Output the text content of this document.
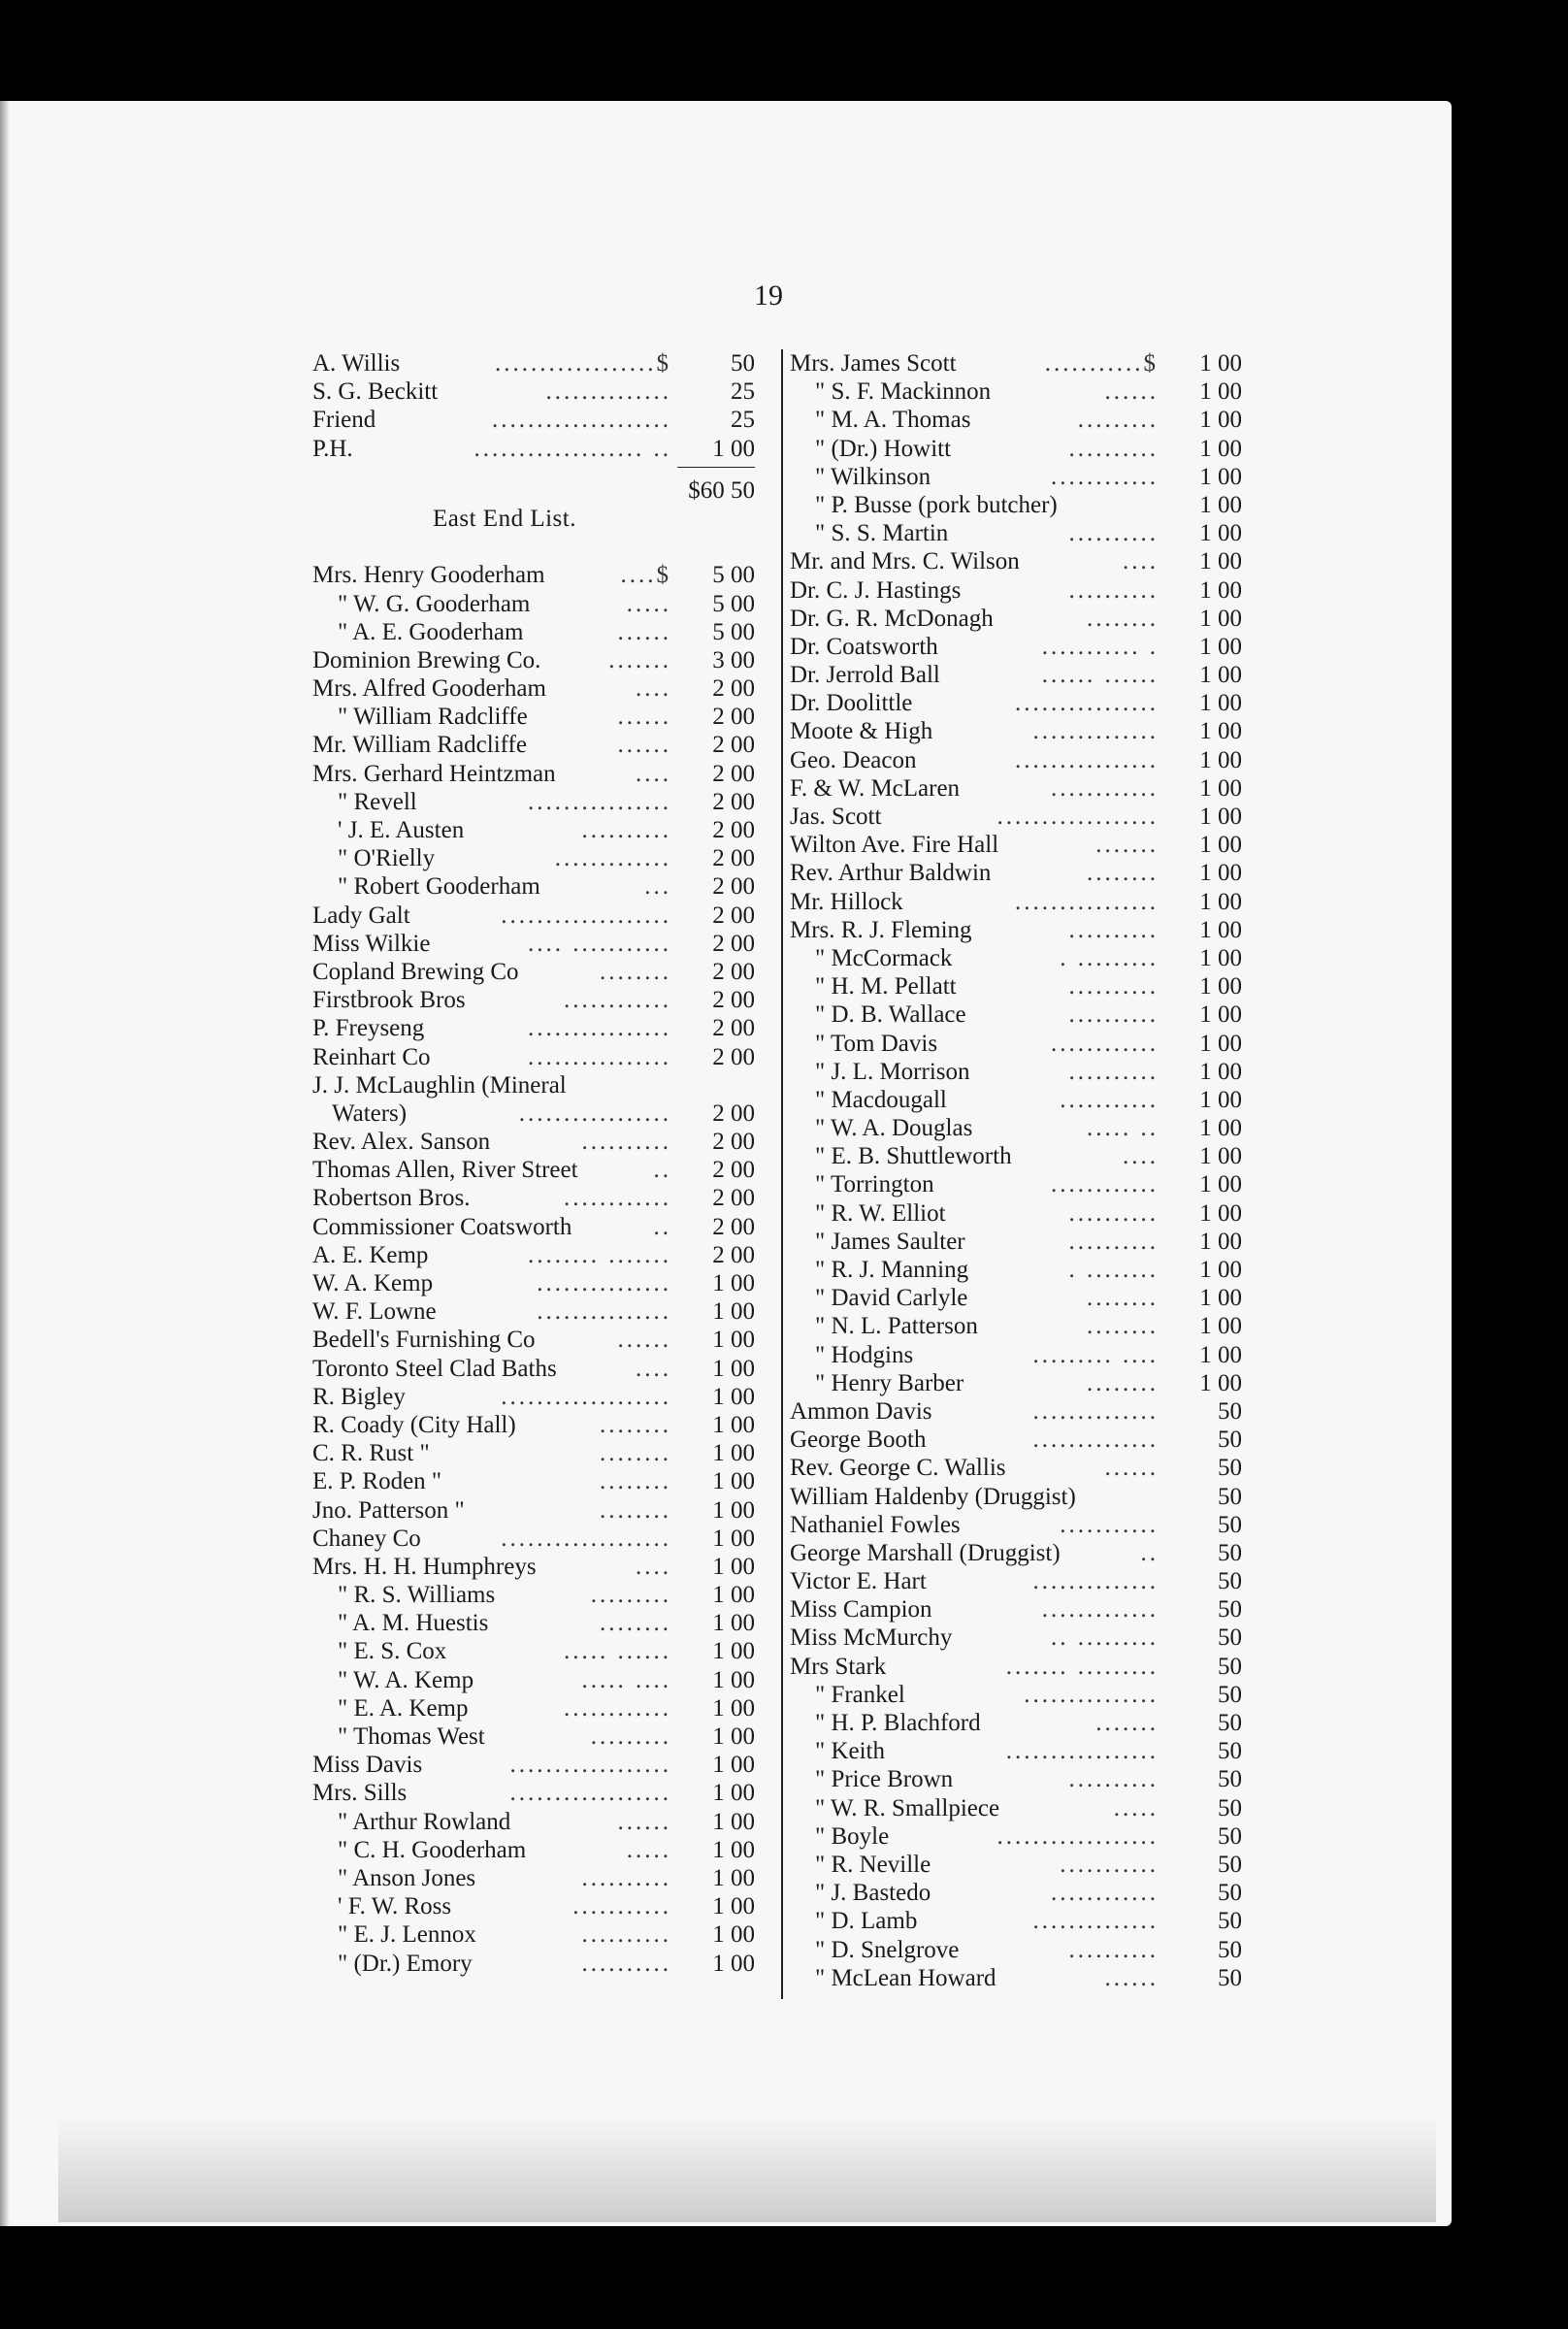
19
..................$
A. Willis	50
..............
S. G. Beckitt	25
....................
Friend	25
................... ..
P.H.	1 00
$60 50
East End List.
....$
Mrs. Henry Gooderham	5 00
.....
" W. G. Gooderham	5 00
......
" A. E. Gooderham	5 00
.......
Dominion Brewing Co.	3 00
....
Mrs. Alfred Gooderham	2 00
......
" William Radcliffe	2 00
......
Mr. William Radcliffe	2 00
....
Mrs. Gerhard Heintzman	2 00
................
" Revell	2 00
..........
' J. E. Austen	2 00
.............
" O'Rielly	2 00
...
" Robert Gooderham	2 00
...................
Lady Galt	2 00
.... ...........
Miss Wilkie	2 00
........
Copland Brewing Co	2 00
............
Firstbrook Bros	2 00
................
P. Freyseng	2 00
................
Reinhart Co	2 00
J. J. McLaughlin (Mineral
.................
Waters)	2 00
..........
Rev. Alex. Sanson	2 00
..
Thomas Allen, River Street	2 00
............
Robertson Bros.	2 00
..
Commissioner Coatsworth	2 00
........ .......
A. E. Kemp	2 00
...............
W. A. Kemp	1 00
...............
W. F. Lowne	1 00
......
Bedell's Furnishing Co	1 00
....
Toronto Steel Clad Baths	1 00
...................
R. Bigley	1 00
........
R. Coady (City Hall)	1 00
........
C. R. Rust "	1 00
........
E. P. Roden "	1 00
........
Jno. Patterson "	1 00
...................
Chaney Co	1 00
....
Mrs. H. H. Humphreys	1 00
.........
" R. S. Williams	1 00
........
" A. M. Huestis	1 00
..... ......
" E. S. Cox	1 00
..... ....
" W. A. Kemp	1 00
............
" E. A. Kemp	1 00
.........
" Thomas West	1 00
..................
Miss Davis	1 00
..................
Mrs. Sills	1 00
......
" Arthur Rowland	1 00
.....
" C. H. Gooderham	1 00
..........
" Anson Jones	1 00
...........
' F. W. Ross	1 00
..........
" E. J. Lennox	1 00
..........
" (Dr.) Emory	1 00
...........$
Mrs. James Scott	1 00
......
" S. F. Mackinnon	1 00
.........
" M. A. Thomas	1 00
..........
" (Dr.) Howitt	1 00
............
" Wilkinson	1 00
" P. Busse (pork butcher)	1 00
..........
" S. S. Martin	1 00
....
Mr. and Mrs. C. Wilson	1 00
..........
Dr. C. J. Hastings	1 00
........
Dr. G. R. McDonagh	1 00
........... .
Dr. Coatsworth	1 00
...... ......
Dr. Jerrold Ball	1 00
................
Dr. Doolittle	1 00
..............
Moote & High	1 00
................
Geo. Deacon	1 00
............
F. & W. McLaren	1 00
..................
Jas. Scott	1 00
.......
Wilton Ave. Fire Hall	1 00
........
Rev. Arthur Baldwin	1 00
................
Mr. Hillock	1 00
..........
Mrs. R. J. Fleming	1 00
. .........
" McCormack	1 00
..........
" H. M. Pellatt	1 00
..........
" D. B. Wallace	1 00
............
" Tom Davis	1 00
..........
" J. L. Morrison	1 00
...........
" Macdougall	1 00
..... ..
" W. A. Douglas	1 00
....
" E. B. Shuttleworth	1 00
............
" Torrington	1 00
..........
" R. W. Elliot	1 00
..........
" James Saulter	1 00
. ........
" R. J. Manning	1 00
........
" David Carlyle	1 00
........
" N. L. Patterson	1 00
......... ....
" Hodgins	1 00
........
" Henry Barber	1 00
..............
Ammon Davis	50
..............
George Booth	50
......
Rev. George C. Wallis	50
William Haldenby (Druggist)	50
...........
Nathaniel Fowles	50
..
George Marshall (Druggist)	50
..............
Victor E. Hart	50
.............
Miss Campion	50
.. .........
Miss McMurchy	50
....... .........
Mrs Stark	50
...............
" Frankel	50
.......
" H. P. Blachford	50
.................
" Keith	50
..........
" Price Brown	50
.....
" W. R. Smallpiece	50
..................
" Boyle	50
...........
" R. Neville	50
............
" J. Bastedo	50
..............
" D. Lamb	50
..........
" D. Snelgrove	50
......
" McLean Howard	50
